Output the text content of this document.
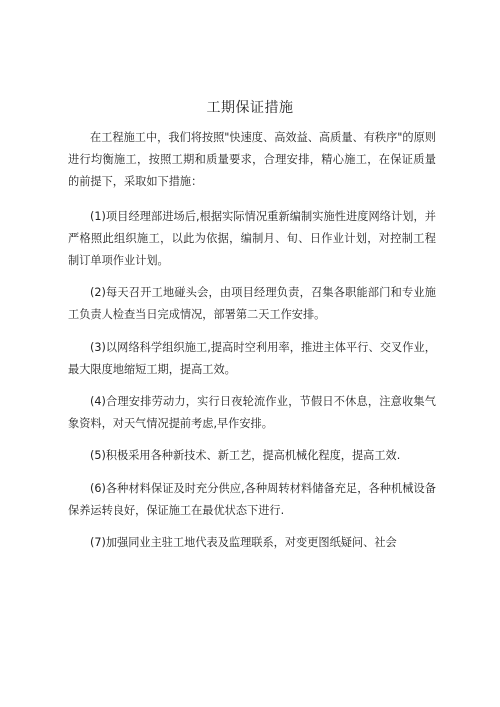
工期保证措施

在工程施工中，我们将按照"快速度、高效益、高质量、有秩序"的原则进行均衡施工，按照工期和质量要求，合理安排，精心施工，在保证质量的前提下，采取如下措施：

(1)项目经理部进场后,根据实际情况重新编制实施性进度网络计划，并严格照此组织施工，以此为依据，编制月、旬、日作业计划，对控制工程制订单项作业计划。

(2)每天召开工地碰头会，由项目经理负责，召集各职能部门和专业施工负责人检查当日完成情况，部署第二天工作安排。

(3)以网络科学组织施工,提高时空利用率，推进主体平行、交叉作业，最大限度地缩短工期，提高工效。

(4)合理安排劳动力，实行日夜轮流作业，节假日不休息，注意收集气象资料，对天气情况提前考虑,早作安排。

(5)积极采用各种新技术、新工艺，提高机械化程度，提高工效.

(6)各种材料保证及时充分供应,各种周转材料储备充足，各种机械设备保养运转良好，保证施工在最优状态下进行.

(7)加强同业主驻工地代表及监理联系，对变更图纸疑问、社会
